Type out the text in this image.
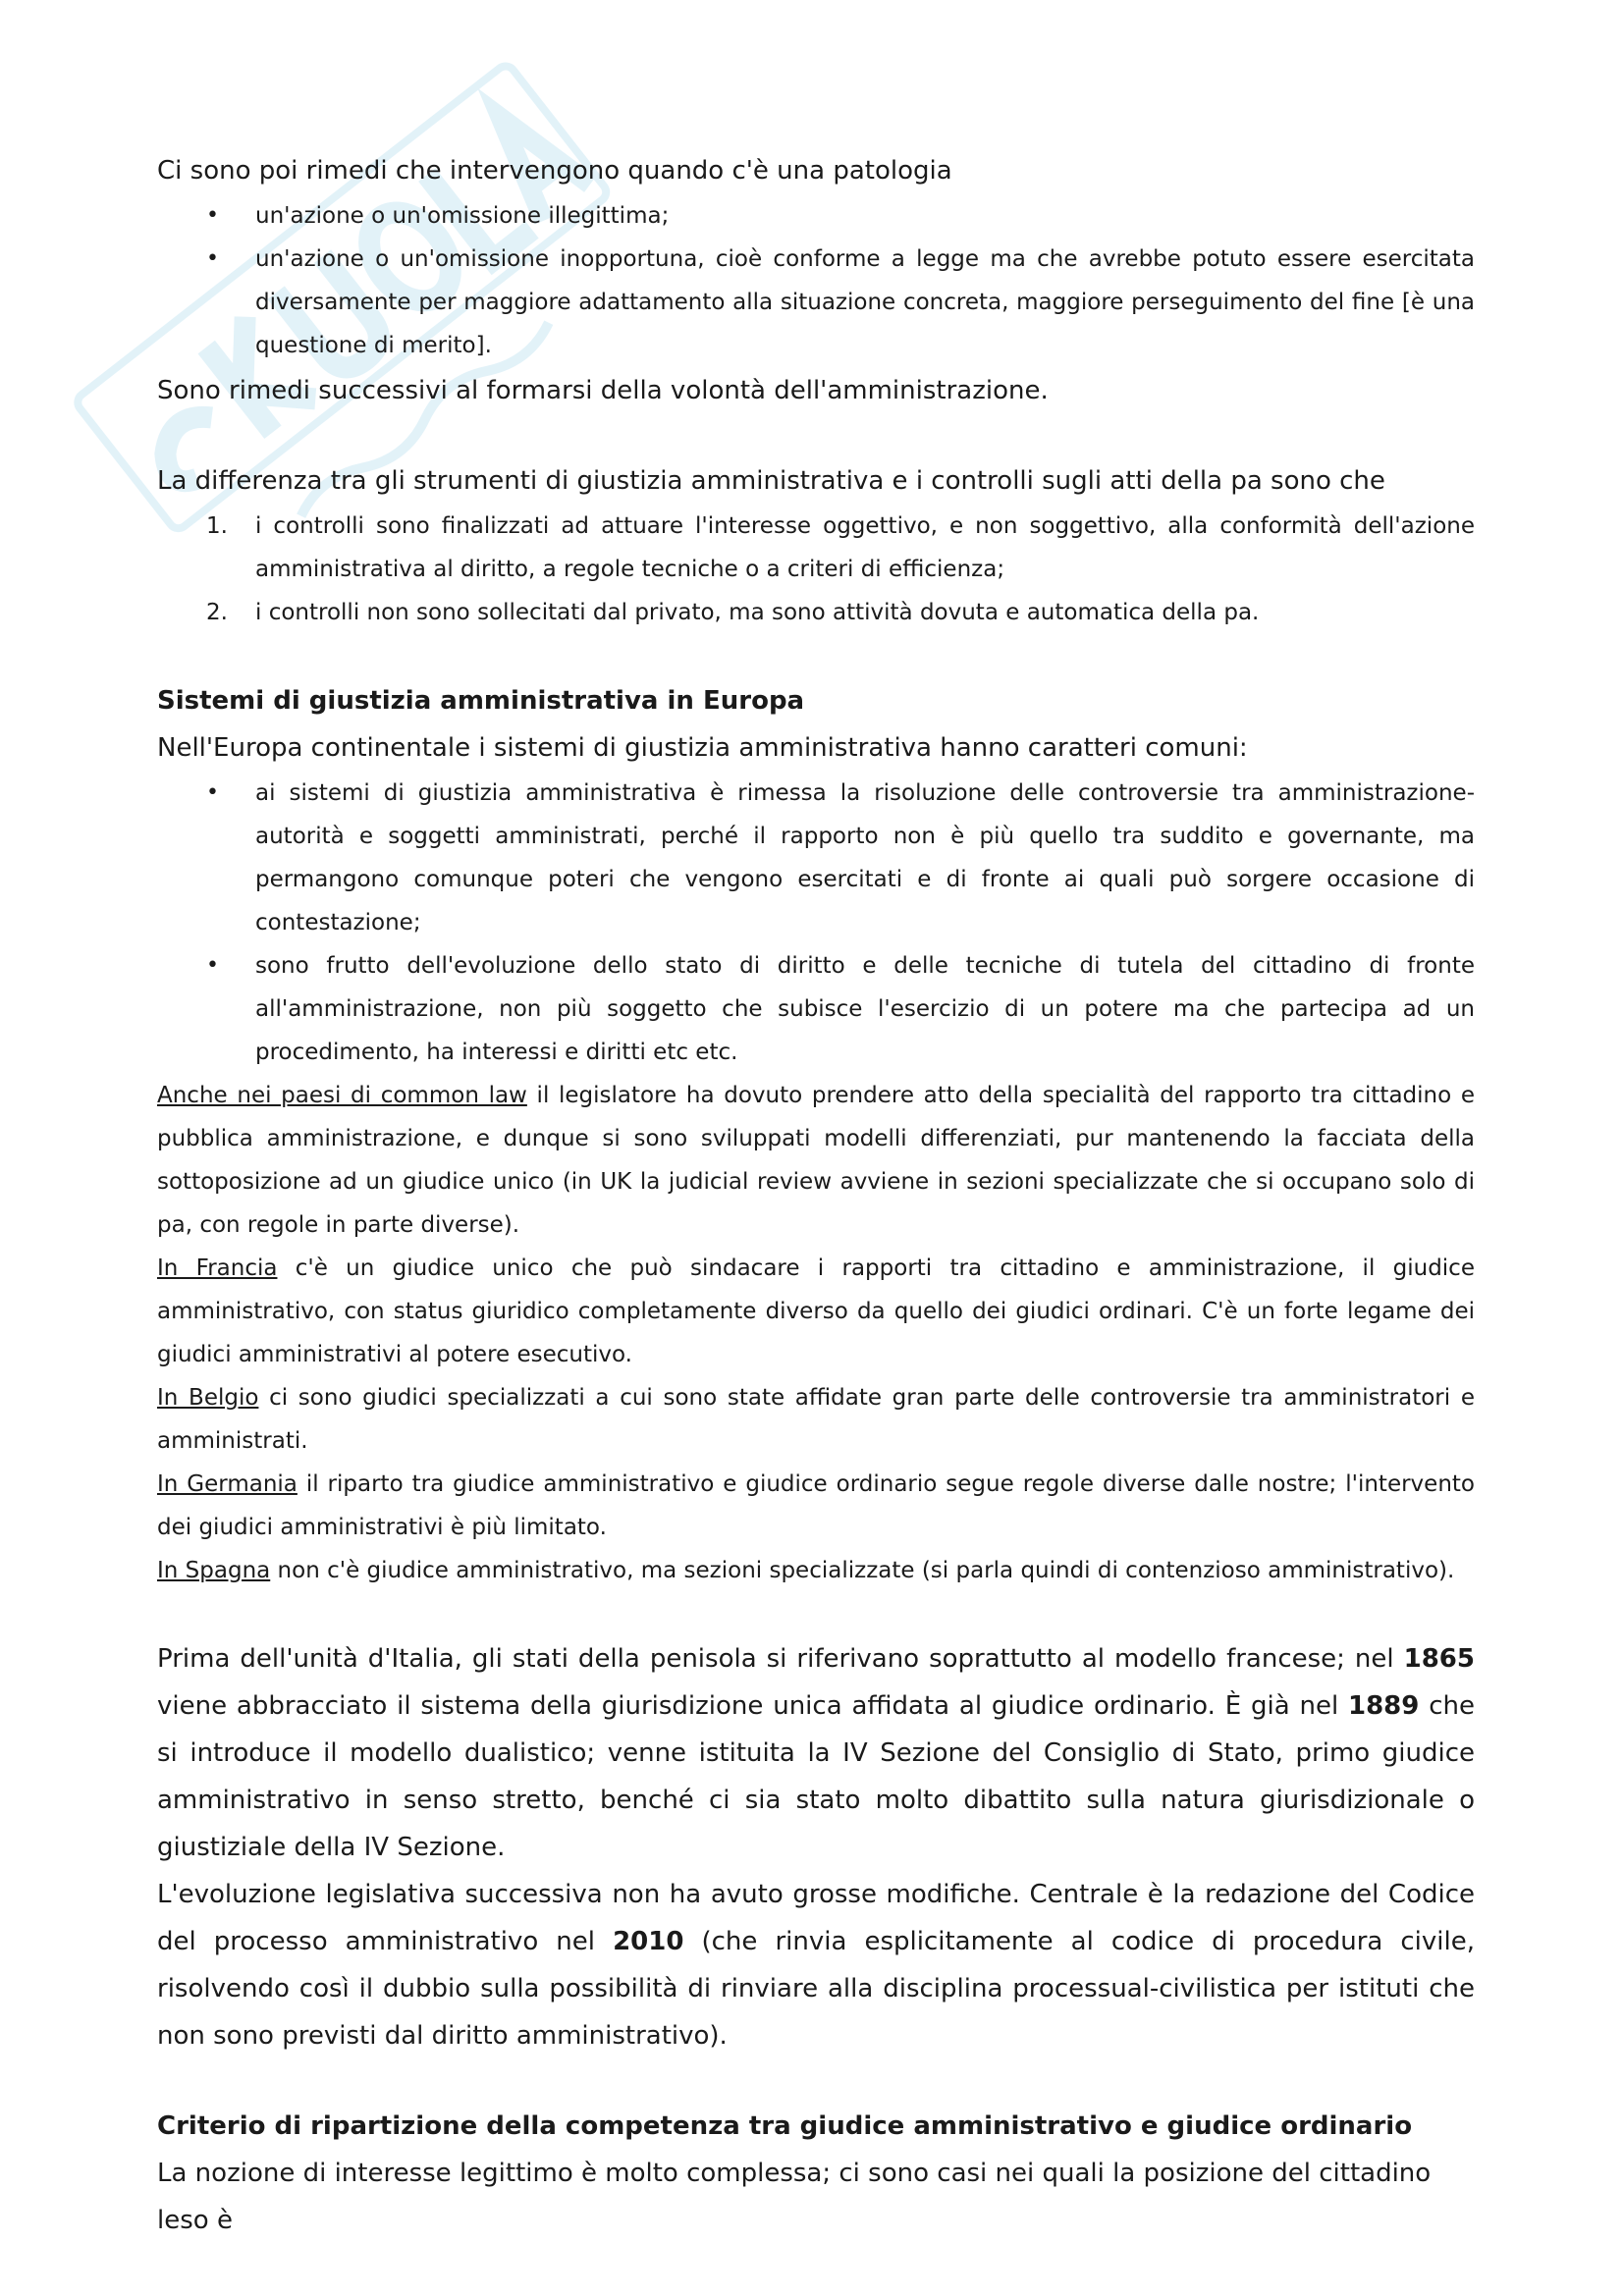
Ci sono poi rimedi che intervengono quando c'è una patologia

• un'azione o un'omissione illegittima;
• un'azione o un'omissione inopportuna, cioè conforme a legge ma che avrebbe potuto essere esercitata diversamente per maggiore adattamento alla situazione concreta, maggiore perseguimento del fine [è una questione di merito].

Sono rimedi successivi al formarsi della volontà dell'amministrazione.

La differenza tra gli strumenti di giustizia amministrativa e i controlli sugli atti della pa sono che

1. i controlli sono finalizzati ad attuare l'interesse oggettivo, e non soggettivo, alla conformità dell'azione amministrativa al diritto, a regole tecniche o a criteri di efficienza;
2. i controlli non sono sollecitati dal privato, ma sono attività dovuta e automatica della pa.

Sistemi di giustizia amministrativa in Europa

Nell'Europa continentale i sistemi di giustizia amministrativa hanno caratteri comuni:

• ai sistemi di giustizia amministrativa è rimessa la risoluzione delle controversie tra amministrazione-autorità e soggetti amministrati, perché il rapporto non è più quello tra suddito e governante, ma permangono comunque poteri che vengono esercitati e di fronte ai quali può sorgere occasione di contestazione;
• sono frutto dell'evoluzione dello stato di diritto e delle tecniche di tutela del cittadino di fronte all'amministrazione, non più soggetto che subisce l'esercizio di un potere ma che partecipa ad un procedimento, ha interessi e diritti etc etc.

Anche nei paesi di common law il legislatore ha dovuto prendere atto della specialità del rapporto tra cittadino e pubblica amministrazione, e dunque si sono sviluppati modelli differenziati, pur mantenendo la facciata della sottoposizione ad un giudice unico (in UK la judicial review avviene in sezioni specializzate che si occupano solo di pa, con regole in parte diverse).

In Francia c'è un giudice unico che può sindacare i rapporti tra cittadino e amministrazione, il giudice amministrativo, con status giuridico completamente diverso da quello dei giudici ordinari. C'è un forte legame dei giudici amministrativi al potere esecutivo.

In Belgio ci sono giudici specializzati a cui sono state affidate gran parte delle controversie tra amministratori e amministrati.

In Germania il riparto tra giudice amministrativo e giudice ordinario segue regole diverse dalle nostre; l'intervento dei giudici amministrativi è più limitato.

In Spagna non c'è giudice amministrativo, ma sezioni specializzate (si parla quindi di contenzioso amministrativo).

Prima dell'unità d'Italia, gli stati della penisola si riferivano soprattutto al modello francese; nel 1865 viene abbracciato il sistema della giurisdizione unica affidata al giudice ordinario. È già nel 1889 che si introduce il modello dualistico; venne istituita la IV Sezione del Consiglio di Stato, primo giudice amministrativo in senso stretto, benché ci sia stato molto dibattito sulla natura giurisdizionale o giustiziale della IV Sezione.

L'evoluzione legislativa successiva non ha avuto grosse modifiche. Centrale è la redazione del Codice del processo amministrativo nel 2010 (che rinvia esplicitamente al codice di procedura civile, risolvendo così il dubbio sulla possibilità di rinviare alla disciplina processual-civilistica per istituti che non sono previsti dal diritto amministrativo).

Criterio di ripartizione della competenza tra giudice amministrativo e giudice ordinario

La nozione di interesse legittimo è molto complessa; ci sono casi nei quali la posizione del cittadino leso è
